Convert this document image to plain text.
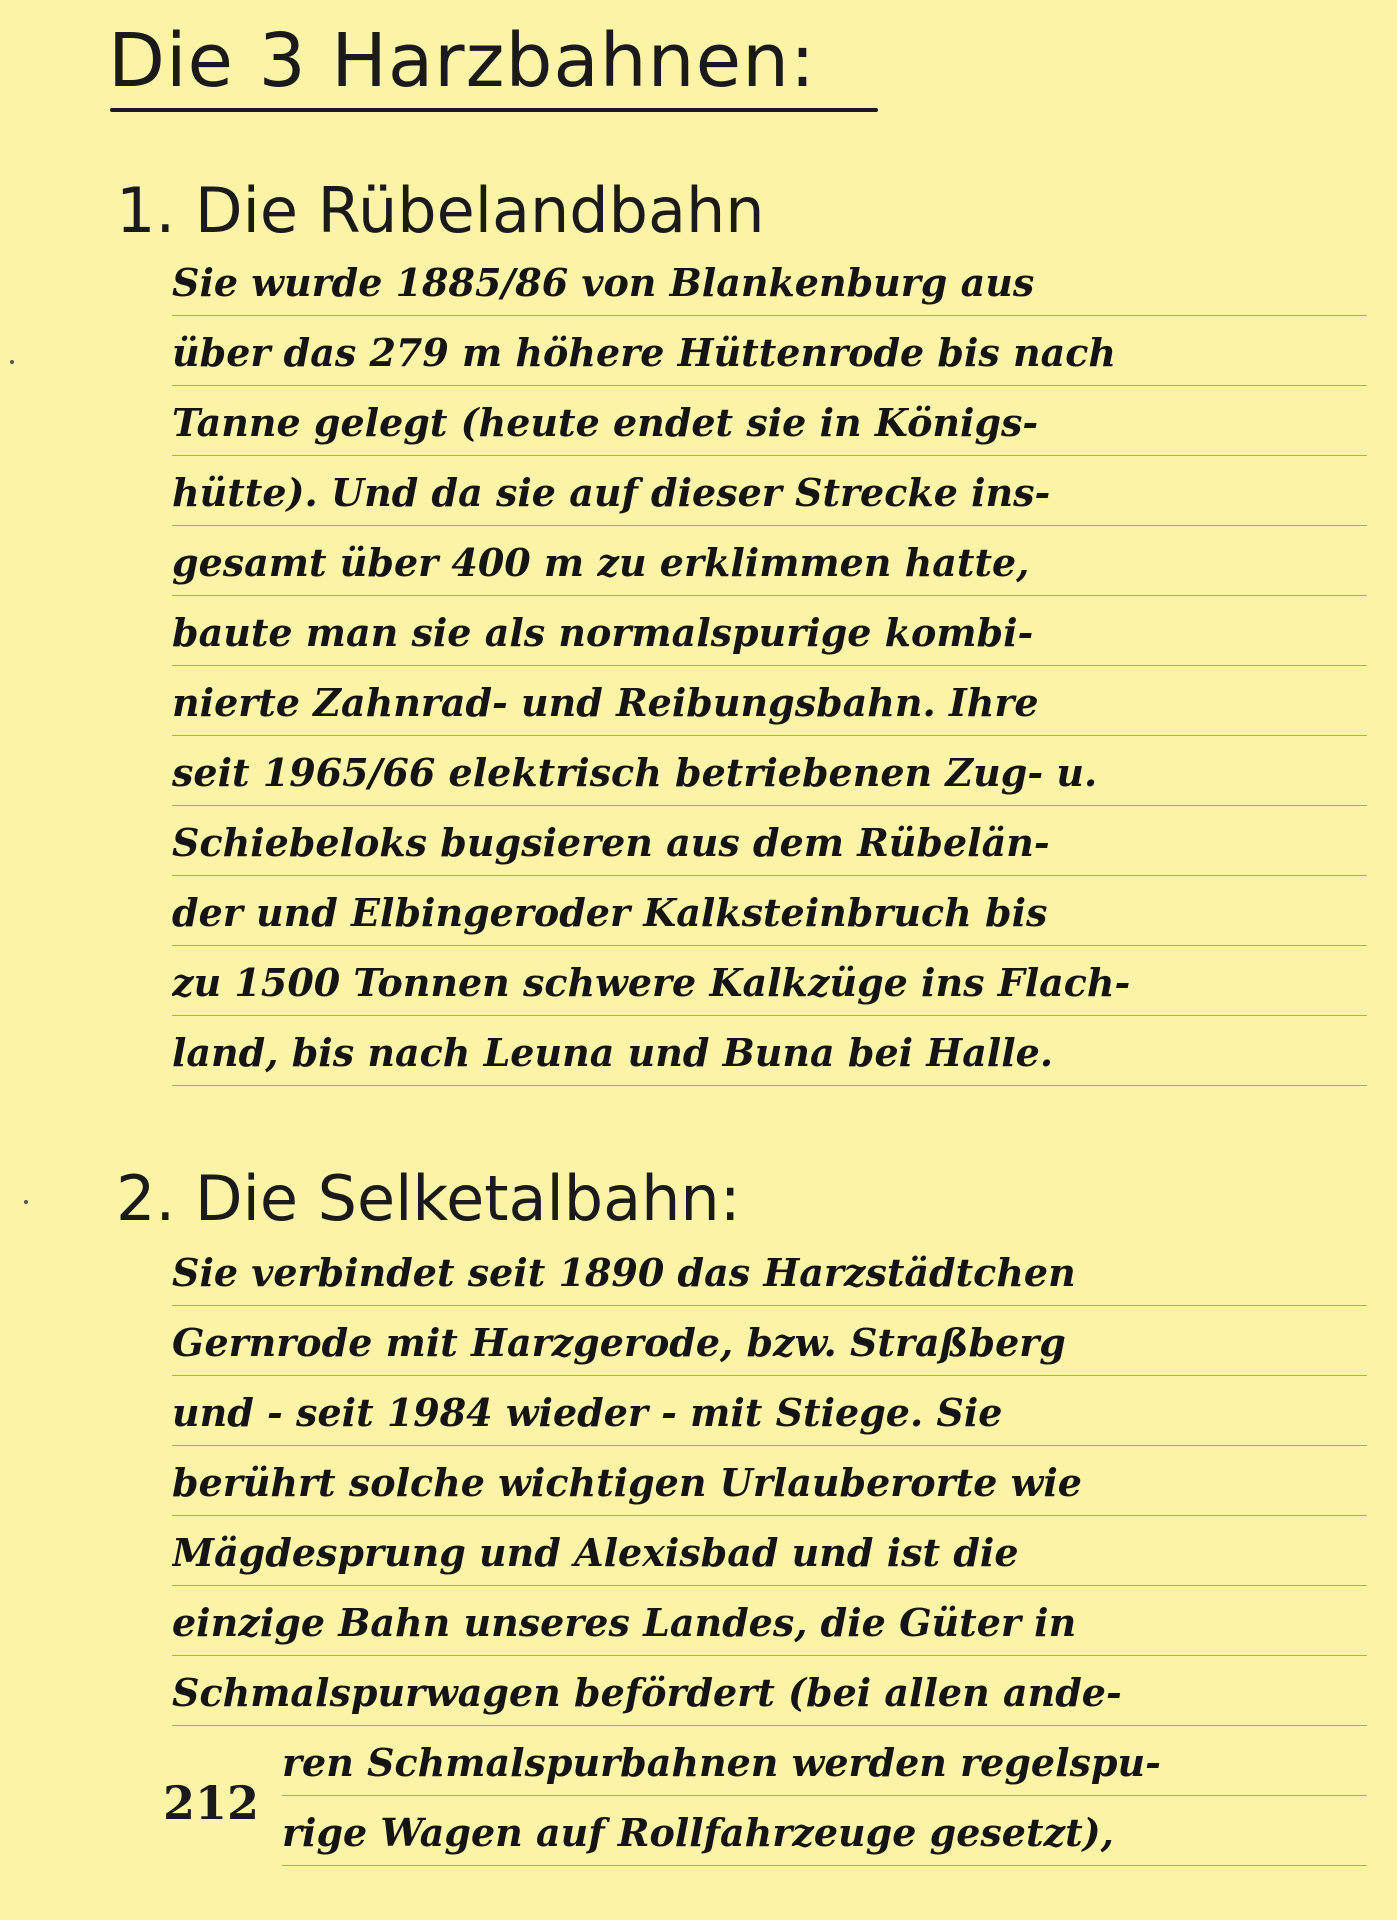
Die 3 Harzbahnen:
1. Die Rübelandbahn
Sie wurde 1885/86 von Blankenburg aus
über das 279 m höhere Hüttenrode bis nach
Tanne gelegt (heute endet sie in Königs-
hütte). Und da sie auf dieser Strecke ins-
gesamt über 400 m zu erklimmen hatte,
baute man sie als normalspurige kombi-
nierte Zahnrad- und Reibungsbahn. Ihre
seit 1965/66 elektrisch betriebenen Zug- u.
Schiebeloks bugsieren aus dem Rübelän-
der und Elbingeroder Kalksteinbruch bis
zu 1500 Tonnen schwere Kalkzüge ins Flach-
land, bis nach Leuna und Buna bei Halle.
2. Die Selketalbahn:
Sie verbindet seit 1890 das Harzstädtchen
Gernrode mit Harzgerode, bzw. Straßberg
und - seit 1984 wieder - mit Stiege. Sie
berührt solche wichtigen Urlauberorte wie
Mägdesprung und Alexisbad und ist die
einzige Bahn unseres Landes, die Güter in
Schmalspurwagen befördert (bei allen ande-
ren Schmalspurbahnen werden regelspu-
rige Wagen auf Rollfahrzeuge gesetzt),
212
